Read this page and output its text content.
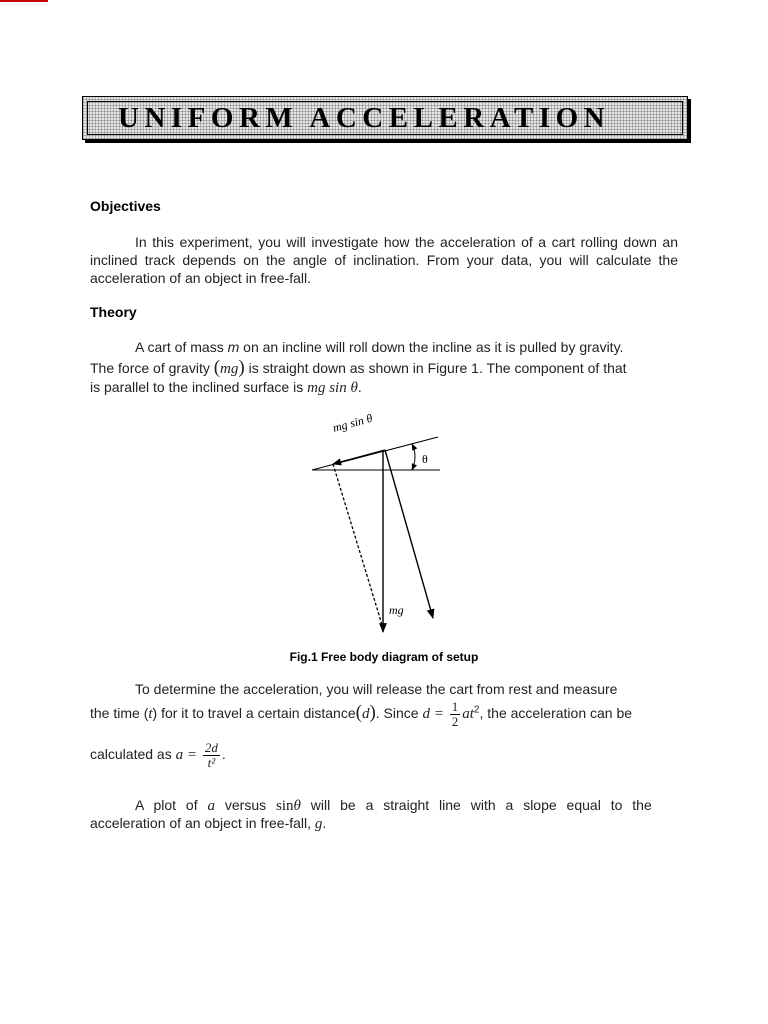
UNIFORM ACCELERATION
Objectives

In this experiment, you will investigate how the acceleration of a cart rolling down an inclined track depends on the angle of inclination. From your data, you will calculate the acceleration of an object in free-fall.

Theory
A cart of mass m on an incline will roll down the incline as it is pulled by gravity.
The force of gravity (mg) is straight down as shown in Figure 1. The component of that
is parallel to the inclined surface is mg sin θ.
mg sin θ
θ
mg
Fig.1 Free body diagram of setup
To determine the acceleration, you will release the cart from rest and measure
the time (t) for it to travel a certain distance(d). Since $d = \frac{1}{2} at^2$, the acceleration can be
calculated as $a = \frac{2d}{\text{t²}}$ .
A plot of a versus sinθ will be a straight line with a slope equal to the
acceleration of an object in free-fall, g.
